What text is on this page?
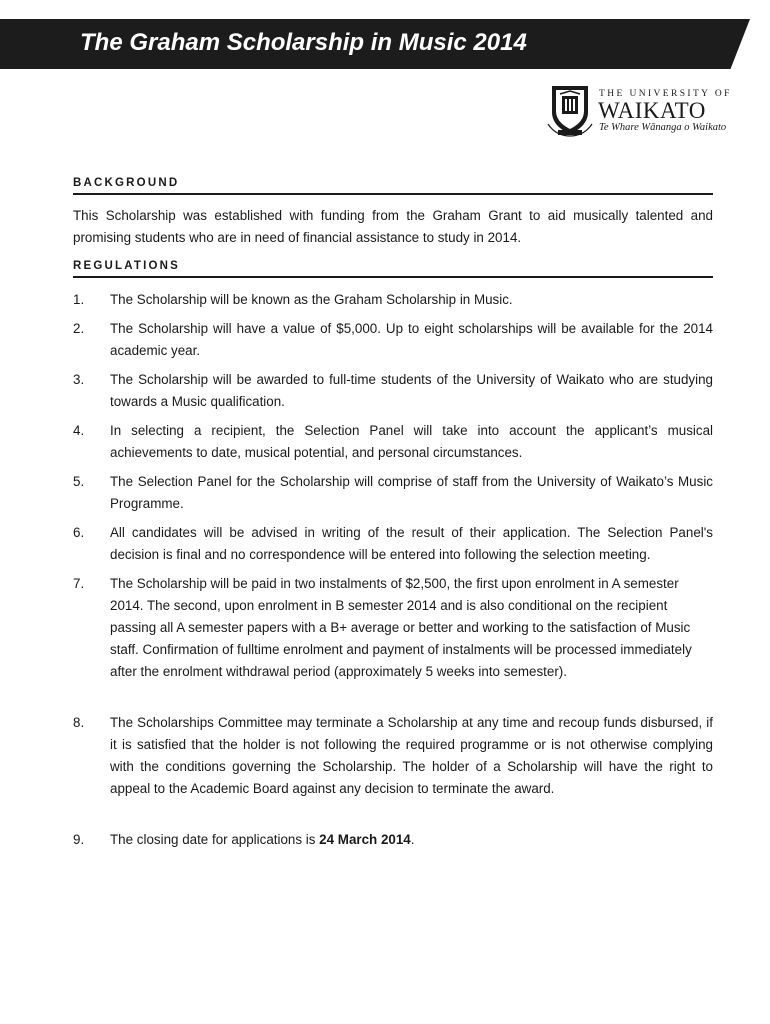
The Graham Scholarship in Music 2014
THE UNIVERSITY OF
WAIKATO
Te Whare Wānanga o Waikato
BACKGROUND
This Scholarship was established with funding from the Graham Grant to aid musically talented and promising students who are in need of financial assistance to study in 2014.
REGULATIONS
1. The Scholarship will be known as the Graham Scholarship in Music.
2. The Scholarship will have a value of $5,000. Up to eight scholarships will be available for the 2014 academic year.
3. The Scholarship will be awarded to full-time students of the University of Waikato who are studying towards a Music qualification.
4. In selecting a recipient, the Selection Panel will take into account the applicant’s musical achievements to date, musical potential, and personal circumstances.
5. The Selection Panel for the Scholarship will comprise of staff from the University of Waikato’s Music Programme.
6. All candidates will be advised in writing of the result of their application. The Selection Panel's decision is final and no correspondence will be entered into following the selection meeting.
7. The Scholarship will be paid in two instalments of $2,500, the first upon enrolment in A semester 2014. The second, upon enrolment in B semester 2014 and is also conditional on the recipient passing all A semester papers with a B+ average or better and working to the satisfaction of Music staff. Confirmation of fulltime enrolment and payment of instalments will be processed immediately after the enrolment withdrawal period (approximately 5 weeks into semester).
8. The Scholarships Committee may terminate a Scholarship at any time and recoup funds disbursed, if it is satisfied that the holder is not following the required programme or is not otherwise complying with the conditions governing the Scholarship. The holder of a Scholarship will have the right to appeal to the Academic Board against any decision to terminate the award.
9. The closing date for applications is 24 March 2014.
